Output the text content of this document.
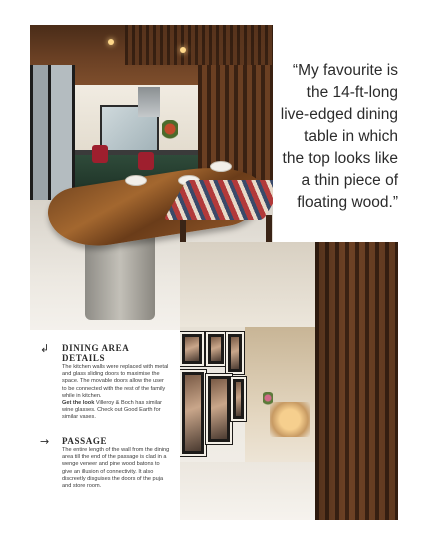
“My favourite is the 14-ft-long live-edged dining table in which the top looks like a thin piece of floating wood.”

↲	DINING AREA
DETAILS

The kitchen walls were replaced with metal and glass sliding doors to maximise the space. The movable doors allow the user to be connected with the rest of the family while in kitchen.
Get the look Villeroy & Boch has similar wine glasses. Check out Good Earth for similar vases.

→	PASSAGE

The entire length of the wall from the dining area till the end of the passage is clad in a wenge veneer and pine wood batons to give an illusion of connectivity. It also discreetly disguises the doors of the puja and store room.
